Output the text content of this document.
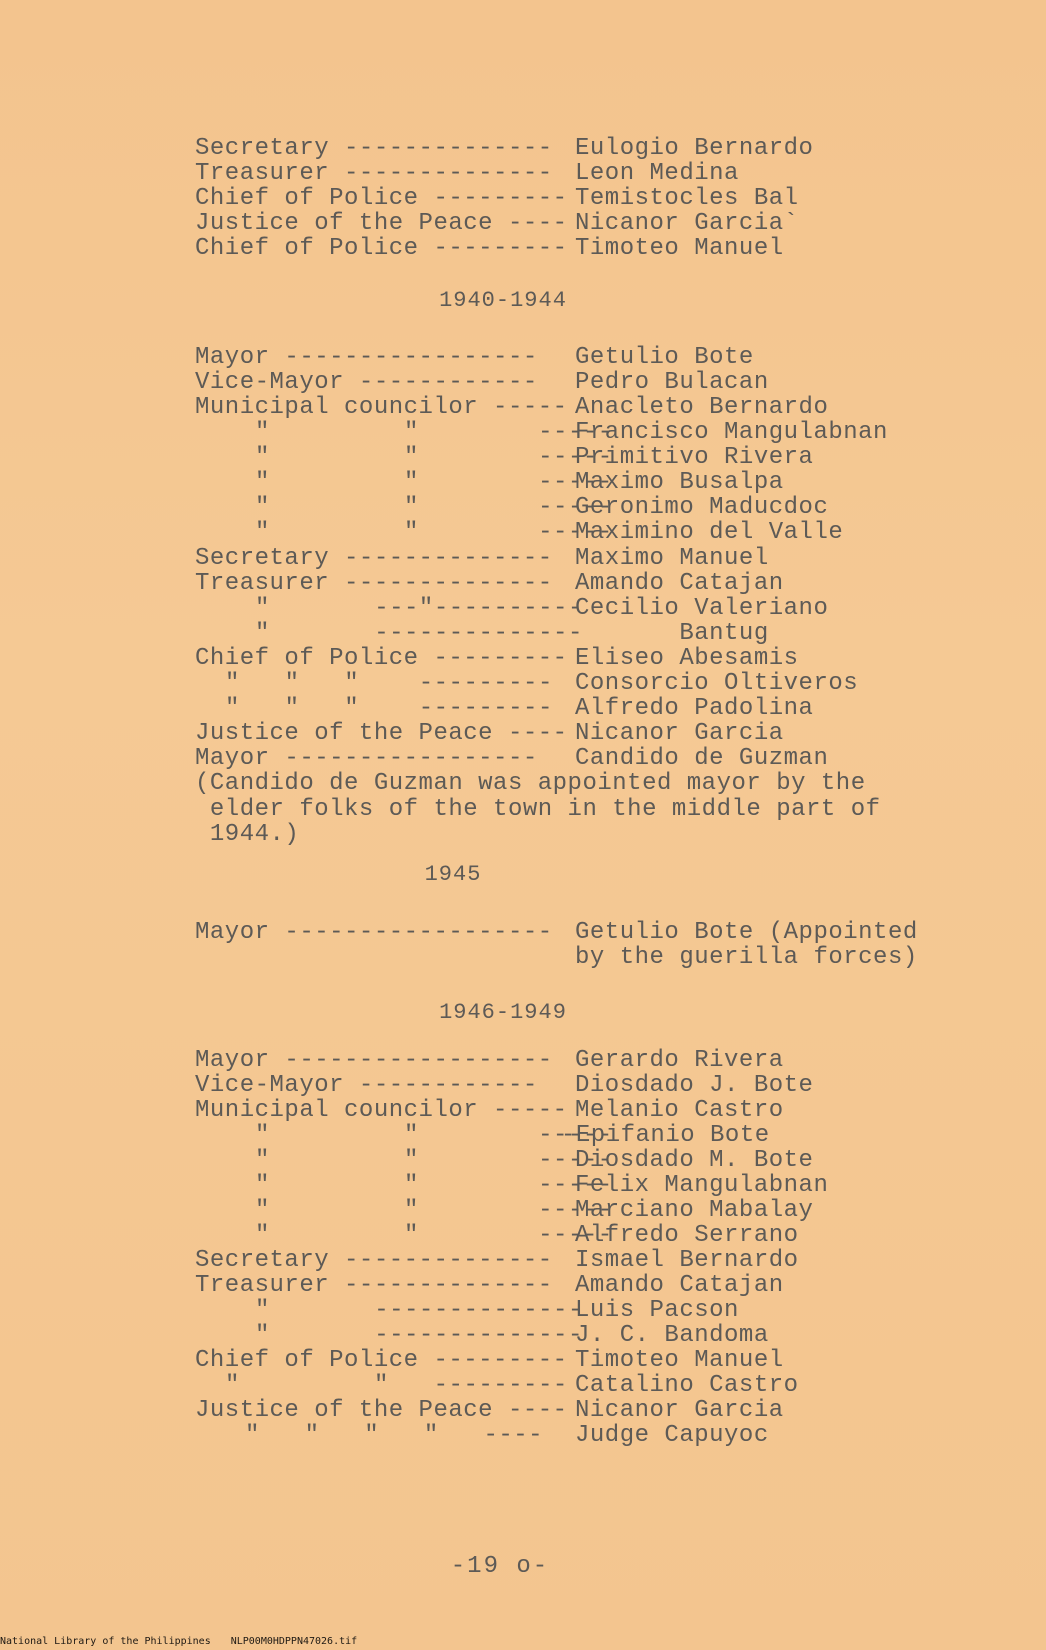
Secretary -------------- Eulogio Bernardo
Treasurer -------------- Leon Medina
Chief of Police --------- Temistocles Bal
Justice of the Peace ---- Nicanor Garcia`
Chief of Police --------- Timoteo Manuel
1940-1944
Mayor ----------------- Getulio Bote
Vice-Mayor ------------ Pedro Bulacan
Municipal councilor ----- Anacleto Bernardo
"         "        -----
Francisco Mangulabnan
"         "        -----
Primitivo Rivera
"         "        -----
Maximo Busalpa
"         "        -----
Geronimo Maducdoc
"         "        -----
Maximino del Valle
Secretary -------------- Maximo Manuel
Treasurer -------------- Amando Catajan
"       ---"----------
Cecilio Valeriano
"       --------------
Bantug
Chief of Police --------- Eliseo Abesamis
"   "   "    --------- Consorcio Oltiveros
"   "   "    --------- Alfredo Padolina
Justice of the Peace ---- Nicanor Garcia
Mayor ----------------- Candido de Guzman
(Candido de Guzman was appointed mayor by the
elder folks of the town in the middle part of
1944.)
1945
Mayor ------------------ Getulio Bote (Appointed
by the guerilla forces)
1946-1949
Mayor ------------------ Gerardo Rivera
Vice-Mayor ------------ Diosdado J. Bote
Municipal councilor ----- Melanio Castro
"         "        -----
-Epifanio Bote
"         "        -----
Diosdado M. Bote
"         "        -----
Felix Mangulabnan
"         "        -----
Marciano Mabalay
"         "        -----
Alfredo Serrano
Secretary -------------- Ismael Bernardo
Treasurer -------------- Amando Catajan
"       --------------
Luis Pacson
"       --------------
J. C. Bandoma
Chief of Police --------- Timoteo Manuel
"         "   --------- Catalino Castro
Justice of the Peace ---- Nicanor Garcia
"   "   "   "   ---- Judge Capuyoc
-19 o-
National Library of the Philippines NLP00M0HDPPN47026.tif
